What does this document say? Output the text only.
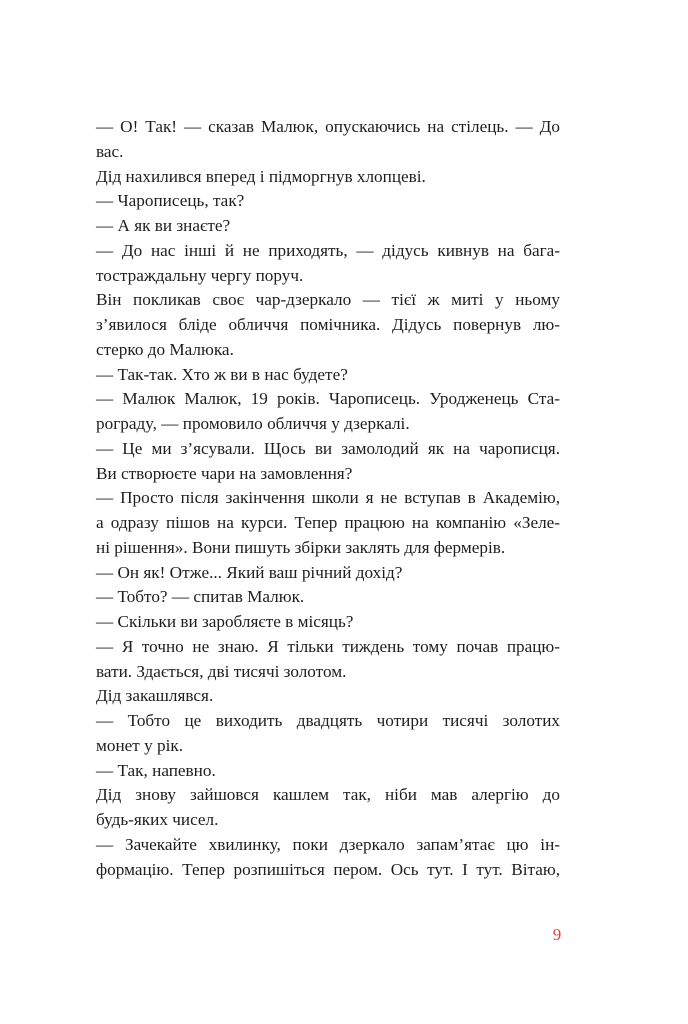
— О! Так! — сказав Малюк, опускаючись на стілець. — До
вас.
Дід нахилився вперед і підморгнув хлопцеві.
— Чарописець, так?
— А як ви знаєте?
— До нас інші й не приходять, — дідусь кивнув на бага-
тостраждальну чергу поруч.
Він покликав своє чар-дзеркало — тієї ж миті у ньому
з’явилося бліде обличчя помічника. Дідусь повернув лю-
стерко до Малюка.
— Так-так. Хто ж ви в нас будете?
— Малюк Малюк, 19 років. Чарописець. Уродженець Ста-
роградy, — промовило обличчя у дзеркалі.
— Це ми з’ясували. Щось ви замолодий як на чарописця.
Ви створюєте чари на замовлення?
— Просто після закінчення школи я не вступав в Академію,
а одразу пішов на курси. Тепер працюю на компанію «Зеле-
ні рішення». Вони пишуть збірки заклять для фермерів.
— Он як! Отже... Який ваш річний дохід?
— Тобто? — спитав Малюк.
— Скільки ви заробляєте в місяць?
— Я точно не знаю. Я тільки тиждень тому почав працю-
вати. Здається, дві тисячі золотом.
Дід закашлявся.
— Тобто це виходить двадцять чотири тисячі золотих
монет у рік.
— Так, напевно.
Дід знову зайшовся кашлем так, ніби мав алергію до
будь-яких чисел.
— Зачекайте хвилинку, поки дзеркало запам’ятає цю ін-
формацію. Тепер розпишіться пером. Ось тут. І тут. Вітаю,
9
